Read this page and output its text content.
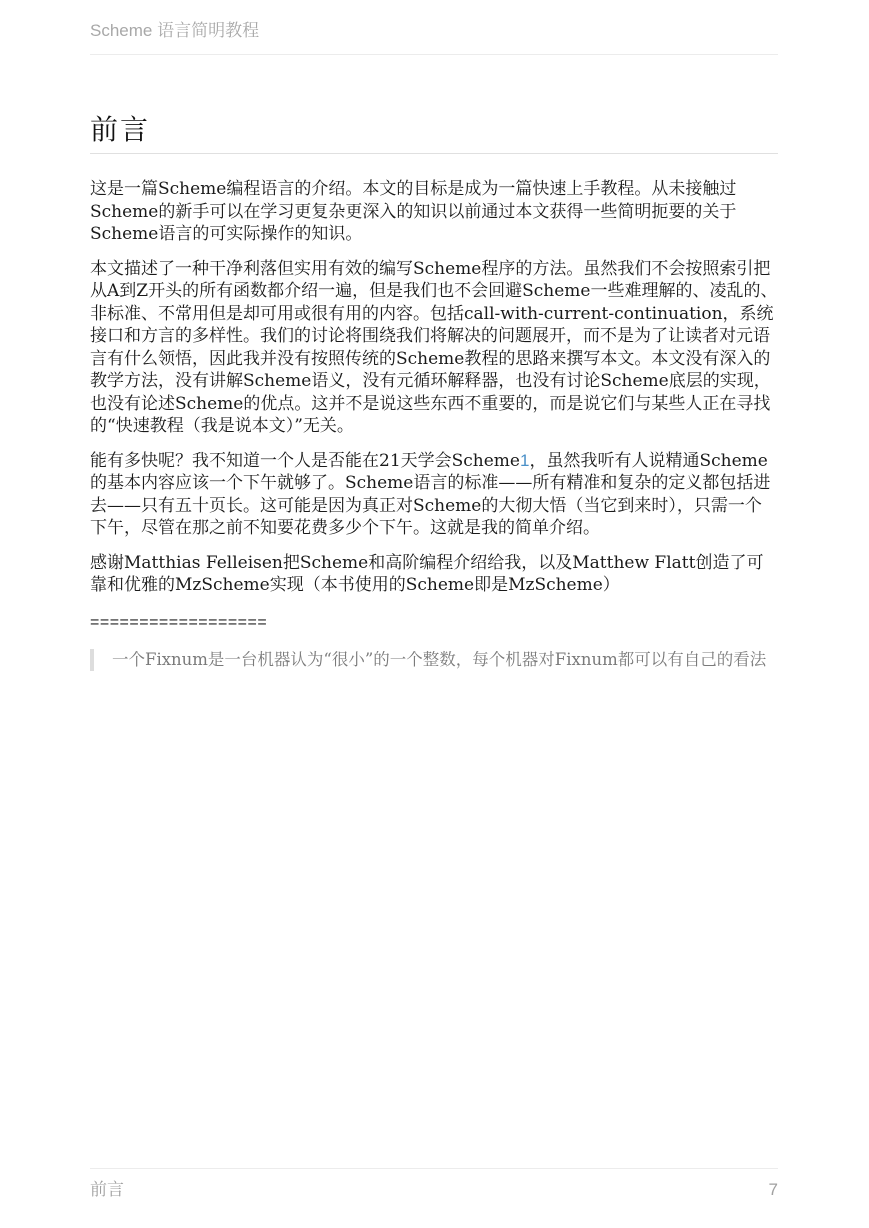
Scheme 语言简明教程
前言

这是一篇Scheme编程语言的介绍。本文的目标是成为一篇快速上手教程。从未接触过Scheme的新手可以在学习更复杂更深入的知识以前通过本文获得一些简明扼要的关于Scheme语言的可实际操作的知识。

本文描述了一种干净利落但实用有效的编写Scheme程序的方法。虽然我们不会按照索引把从A到Z开头的所有函数都介绍一遍，但是我们也不会回避Scheme一些难理解的、凌乱的、非标准、不常用但是却可用或很有用的内容。包括call-with-current-continuation，系统接口和方言的多样性。我们的讨论将围绕我们将解决的问题展开，而不是为了让读者对元语言有什么领悟，因此我并没有按照传统的Scheme教程的思路来撰写本文。本文没有深入的教学方法，没有讲解Scheme语义，没有元循环解释器，也没有讨论Scheme底层的实现，也没有论述Scheme的优点。这并不是说这些东西不重要的，而是说它们与某些人正在寻找的“快速教程（我是说本文）”无关。

能有多快呢？我不知道一个人是否能在21天学会Scheme1，虽然我听有人说精通Scheme的基本内容应该一个下午就够了。Scheme语言的标准——所有精准和复杂的定义都包括进去——只有五十页长。这可能是因为真正对Scheme的大彻大悟（当它到来时），只需一个下午，尽管在那之前不知要花费多少个下午。这就是我的简单介绍。

感谢Matthias Felleisen把Scheme和高阶编程介绍给我，以及Matthew Flatt创造了可靠和优雅的MzScheme实现（本书使用的Scheme即是MzScheme）

==================
一个Fixnum是一台机器认为“很小”的一个整数，每个机器对Fixnum都可以有自己的看法
前言	7
